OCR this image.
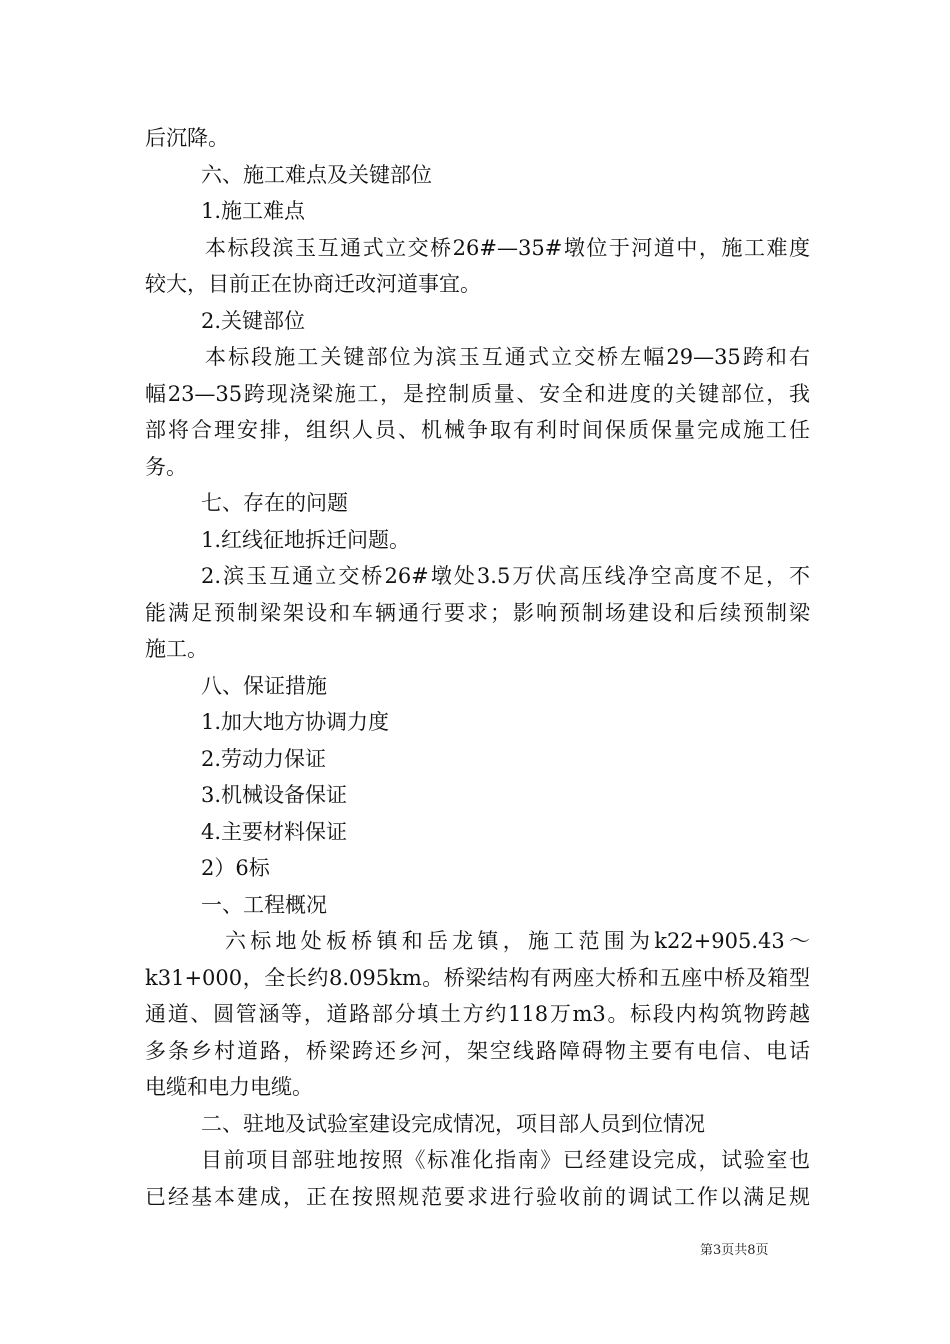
后沉降。
六、施工难点及关键部位
1.施工难点
本标段滨玉互通式立交桥26#—35#墩位于河道中，施工难度
较大，目前正在协商迁改河道事宜。
2.关键部位
本标段施工关键部位为滨玉互通式立交桥左幅29—35跨和右
幅23—35跨现浇梁施工，是控制质量、安全和进度的关键部位，我
部将合理安排，组织人员、机械争取有利时间保质保量完成施工任
务。
七、存在的问题
1.红线征地拆迁问题。
2.滨玉互通立交桥26#墩处3.5万伏高压线净空高度不足，不
能满足预制梁架设和车辆通行要求；影响预制场建设和后续预制梁
施工。
八、保证措施
1.加大地方协调力度
2.劳动力保证
3.机械设备保证
4.主要材料保证
2）6标
一、工程概况
六标地处板桥镇和岳龙镇，施工范围为k22+905.43～
k31+000，全长约8.095km。桥梁结构有两座大桥和五座中桥及箱型
通道、圆管涵等，道路部分填土方约118万m3。标段内构筑物跨越
多条乡村道路，桥梁跨还乡河，架空线路障碍物主要有电信、电话
电缆和电力电缆。
二、驻地及试验室建设完成情况，项目部人员到位情况
目前项目部驻地按照《标准化指南》已经建设完成，试验室也
已经基本建成，正在按照规范要求进行验收前的调试工作以满足规
第3页共8页
